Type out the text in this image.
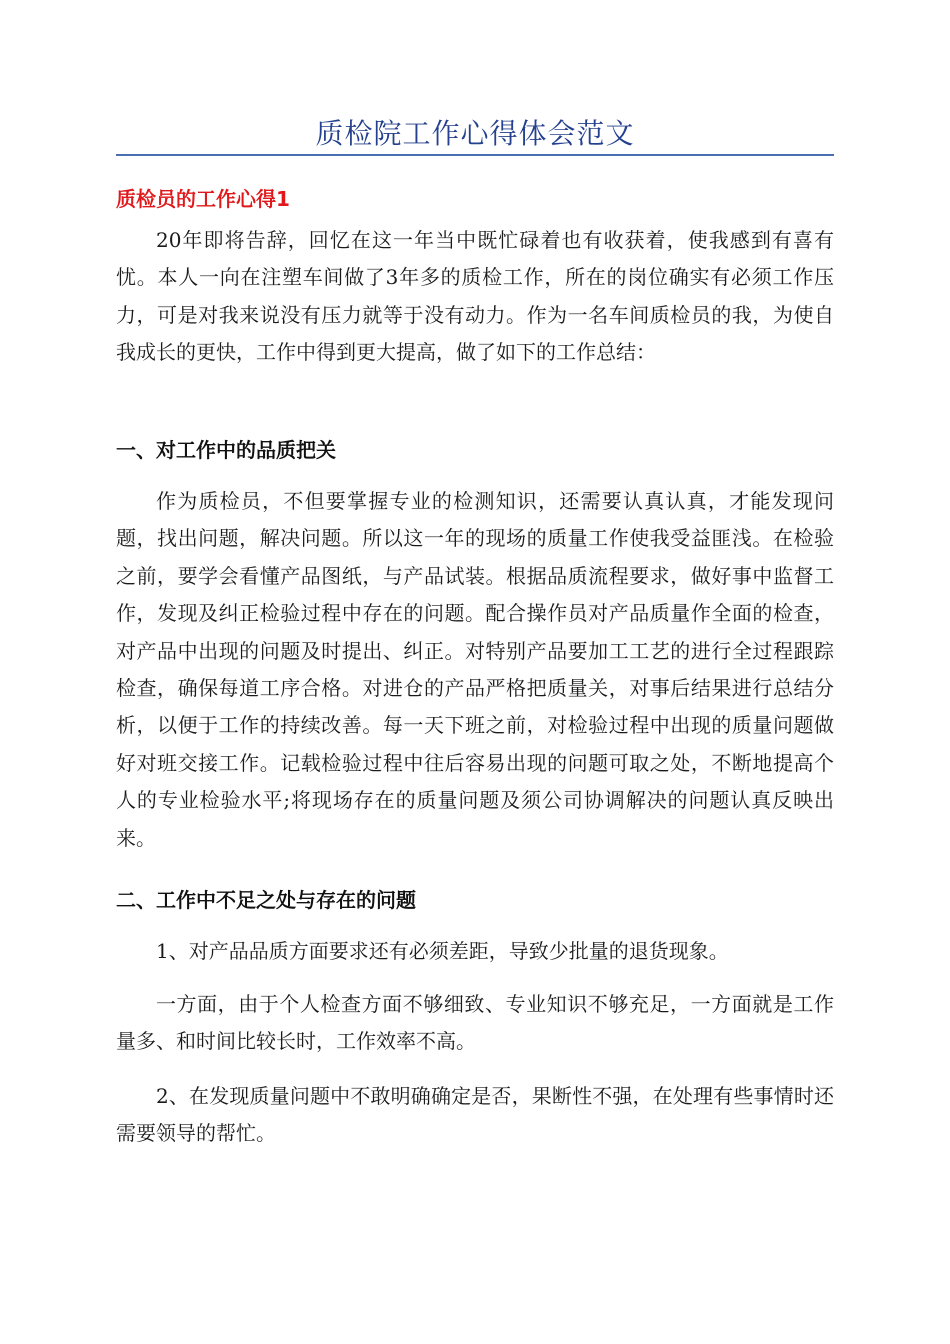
质检院工作心得体会范文
质检员的工作心得1

20年即将告辞，回忆在这一年当中既忙碌着也有收获着，使我感到有喜有忧。本人一向在注塑车间做了3年多的质检工作，所在的岗位确实有必须工作压力，可是对我来说没有压力就等于没有动力。作为一名车间质检员的我，为使自我成长的更快，工作中得到更大提高，做了如下的工作总结：

一、对工作中的品质把关

作为质检员，不但要掌握专业的检测知识，还需要认真认真，才能发现问题，找出问题，解决问题。所以这一年的现场的质量工作使我受益匪浅。在检验之前，要学会看懂产品图纸，与产品试装。根据品质流程要求，做好事中监督工作，发现及纠正检验过程中存在的问题。配合操作员对产品质量作全面的检查，对产品中出现的问题及时提出、纠正。对特别产品要加工工艺的进行全过程跟踪检查，确保每道工序合格。对进仓的产品严格把质量关，对事后结果进行总结分析，以便于工作的持续改善。每一天下班之前，对检验过程中出现的质量问题做好对班交接工作。记载检验过程中往后容易出现的问题可取之处，不断地提高个人的专业检验水平;将现场存在的质量问题及须公司协调解决的问题认真反映出来。

二、工作中不足之处与存在的问题

1、对产品品质方面要求还有必须差距，导致少批量的退货现象。

一方面，由于个人检查方面不够细致、专业知识不够充足，一方面就是工作量多、和时间比较长时，工作效率不高。

2、在发现质量问题中不敢明确确定是否，果断性不强，在处理有些事情时还需要领导的帮忙。
